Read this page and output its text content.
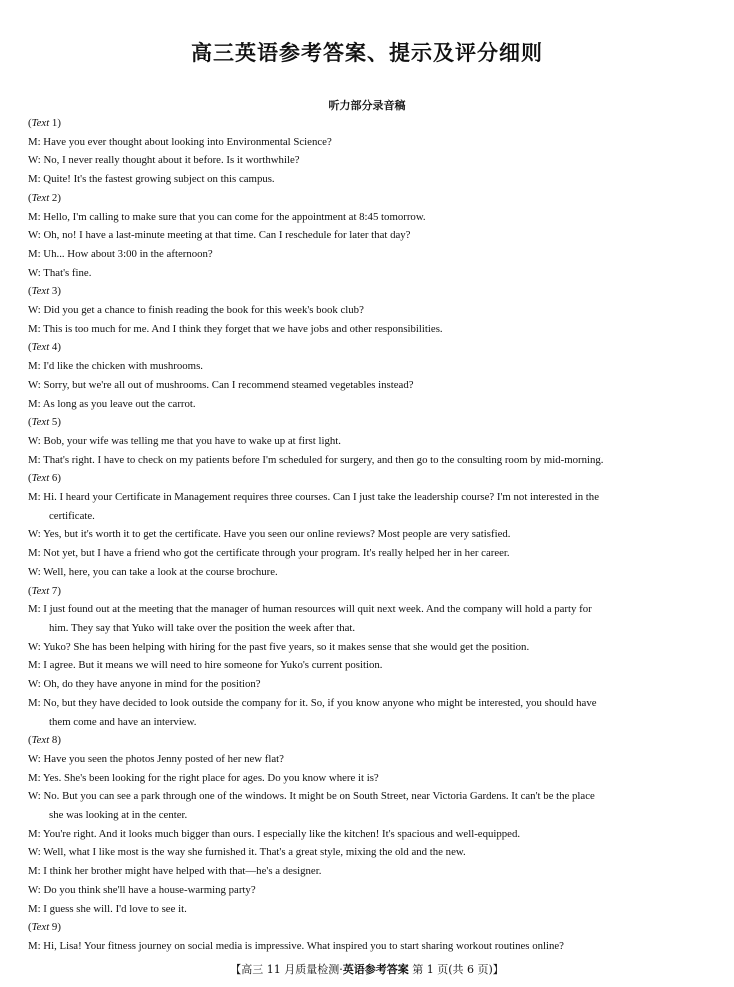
高三英语参考答案、提示及评分细则
听力部分录音稿
(Text 1)
M: Have you ever thought about looking into Environmental Science?
W: No, I never really thought about it before. Is it worthwhile?
M: Quite! It's the fastest growing subject on this campus.
(Text 2)
M: Hello, I'm calling to make sure that you can come for the appointment at 8:45 tomorrow.
W: Oh, no! I have a last-minute meeting at that time. Can I reschedule for later that day?
M: Uh... How about 3:00 in the afternoon?
W: That's fine.
(Text 3)
W: Did you get a chance to finish reading the book for this week's book club?
M: This is too much for me. And I think they forget that we have jobs and other responsibilities.
(Text 4)
M: I'd like the chicken with mushrooms.
W: Sorry, but we're all out of mushrooms. Can I recommend steamed vegetables instead?
M: As long as you leave out the carrot.
(Text 5)
W: Bob, your wife was telling me that you have to wake up at first light.
M: That's right. I have to check on my patients before I'm scheduled for surgery, and then go to the consulting room by mid-morning.
(Text 6)
M: Hi. I heard your Certificate in Management requires three courses. Can I just take the leadership course? I'm not interested in the
certificate.
W: Yes, but it's worth it to get the certificate. Have you seen our online reviews? Most people are very satisfied.
M: Not yet, but I have a friend who got the certificate through your program. It's really helped her in her career.
W: Well, here, you can take a look at the course brochure.
(Text 7)
M: I just found out at the meeting that the manager of human resources will quit next week. And the company will hold a party for
him. They say that Yuko will take over the position the week after that.
W: Yuko? She has been helping with hiring for the past five years, so it makes sense that she would get the position.
M: I agree. But it means we will need to hire someone for Yuko's current position.
W: Oh, do they have anyone in mind for the position?
M: No, but they have decided to look outside the company for it. So, if you know anyone who might be interested, you should have
them come and have an interview.
(Text 8)
W: Have you seen the photos Jenny posted of her new flat?
M: Yes. She's been looking for the right place for ages. Do you know where it is?
W: No. But you can see a park through one of the windows. It might be on South Street, near Victoria Gardens. It can't be the place
she was looking at in the center.
M: You're right. And it looks much bigger than ours. I especially like the kitchen! It's spacious and well-equipped.
W: Well, what I like most is the way she furnished it. That's a great style, mixing the old and the new.
M: I think her brother might have helped with that—he's a designer.
W: Do you think she'll have a house-warming party?
M: I guess she will. I'd love to see it.
(Text 9)
M: Hi, Lisa! Your fitness journey on social media is impressive. What inspired you to start sharing workout routines online?
【高三 11 月质量检测·英语参考答案 第 1 页(共 6 页)】
